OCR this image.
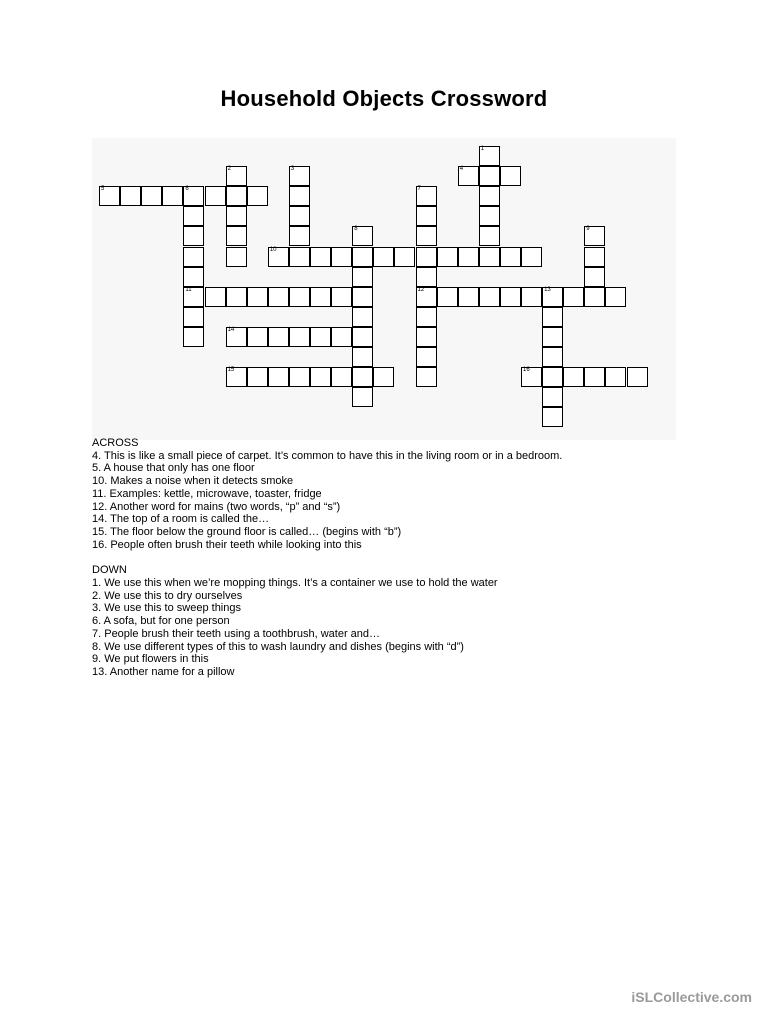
Household Objects Crossword
1
2	3	4
5	6
11
7
12
8	9
10
13
14
15	16

ACROSS

4. This is like a small piece of carpet. It’s common to have this in the living room or in a bedroom.

5. A house that only has one floor

10. Makes a noise when it detects smoke

11. Examples: kettle, microwave, toaster, fridge

12. Another word for mains (two words, “p” and “s”)

14. The top of a room is called the…

15. The floor below the ground floor is called… (begins with “b”)

16. People often brush their teeth while looking into this

DOWN

1. We use this when we’re mopping things. It’s a container we use to hold the water

2. We use this to dry ourselves

3. We use this to sweep things

6. A sofa, but for one person

7. People brush their teeth using a toothbrush, water and…

8. We use different types of this to wash laundry and dishes (begins with “d”)

9. We put flowers in this

13. Another name for a pillow

iSLCollective.com
